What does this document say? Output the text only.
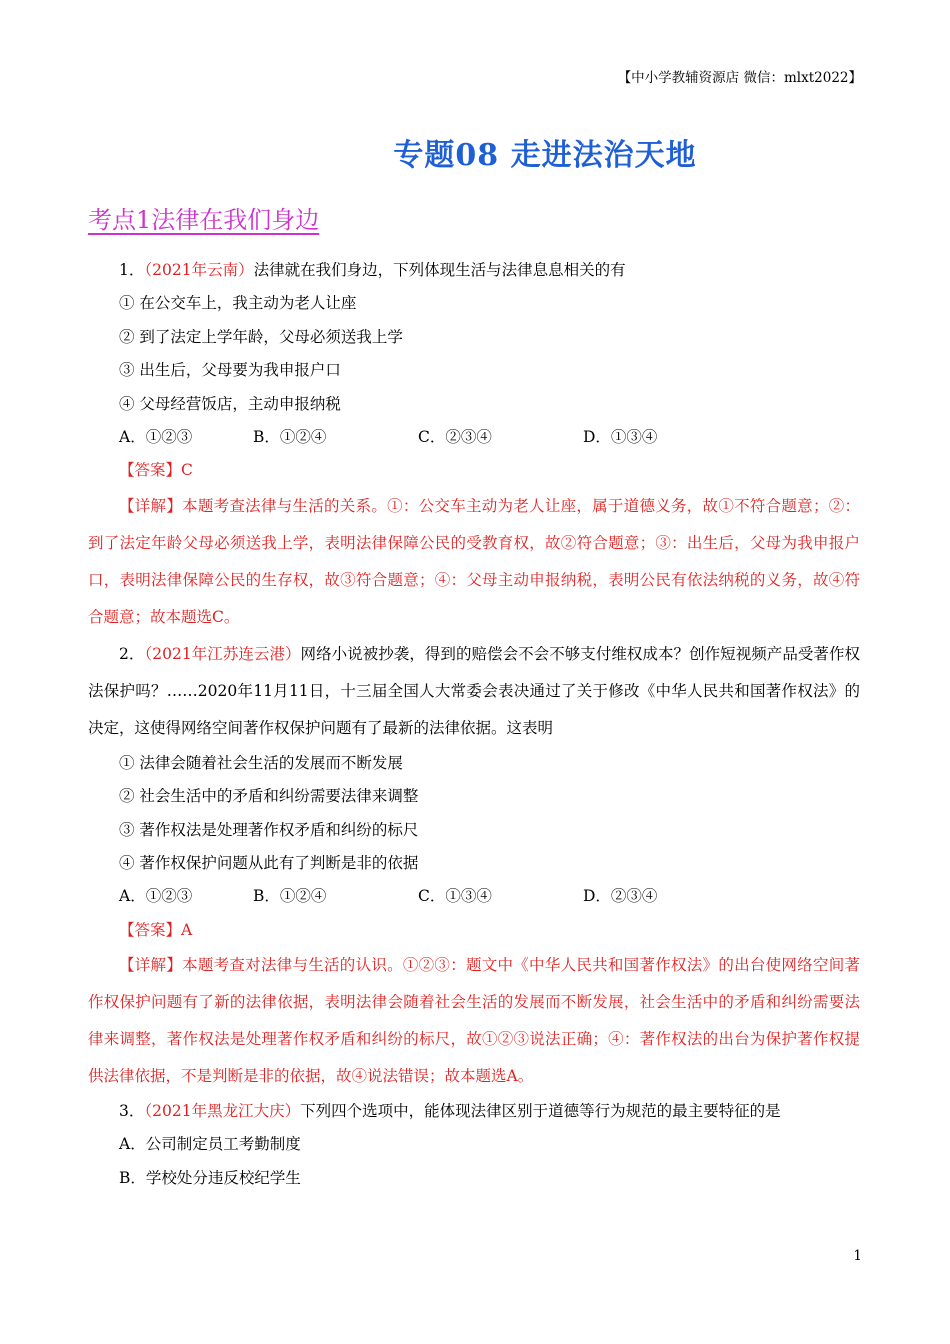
【中小学教辅资源店 微信：mlxt2022】
专题08 走进法治天地
考点1法律在我们身边
1．（2021年云南）法律就在我们身边，下列体现生活与法律息息相关的有
① 在公交车上，我主动为老人让座
② 到了法定上学年龄，父母必须送我上学
③ 出生后，父母要为我申报户口
④ 父母经营饭店，主动申报纳税
A．①②③	B．①②④	C．②③④	D．①③④
【答案】C
【详解】本题考查法律与生活的关系。①：公交车主动为老人让座，属于道德义务，故①不符合题意；②：到了法定年龄父母必须送我上学，表明法律保障公民的受教育权，故②符合题意；③：出生后，父母为我申报户口，表明法律保障公民的生存权，故③符合题意；④：父母主动申报纳税，表明公民有依法纳税的义务，故④符合题意；故本题选C。
2．（2021年江苏连云港）网络小说被抄袭，得到的赔偿会不会不够支付维权成本？创作短视频产品受著作权法保护吗？……2020年11月11日，十三届全国人大常委会表决通过了关于修改《中华人民共和国著作权法》的决定，这使得网络空间著作权保护问题有了最新的法律依据。这表明
① 法律会随着社会生活的发展而不断发展
② 社会生活中的矛盾和纠纷需要法律来调整
③ 著作权法是处理著作权矛盾和纠纷的标尺
④ 著作权保护问题从此有了判断是非的依据
A．①②③	B．①②④	C．①③④	D．②③④
【答案】A
【详解】本题考查对法律与生活的认识。①②③：题文中《中华人民共和国著作权法》的出台使网络空间著作权保护问题有了新的法律依据，表明法律会随着社会生活的发展而不断发展，社会生活中的矛盾和纠纷需要法律来调整，著作权法是处理著作权矛盾和纠纷的标尺，故①②③说法正确；④：著作权法的出台为保护著作权提供法律依据，不是判断是非的依据，故④说法错误；故本题选A。
3．（2021年黑龙江大庆）下列四个选项中，能体现法律区别于道德等行为规范的最主要特征的是
A．公司制定员工考勤制度
B．学校处分违反校纪学生
1
